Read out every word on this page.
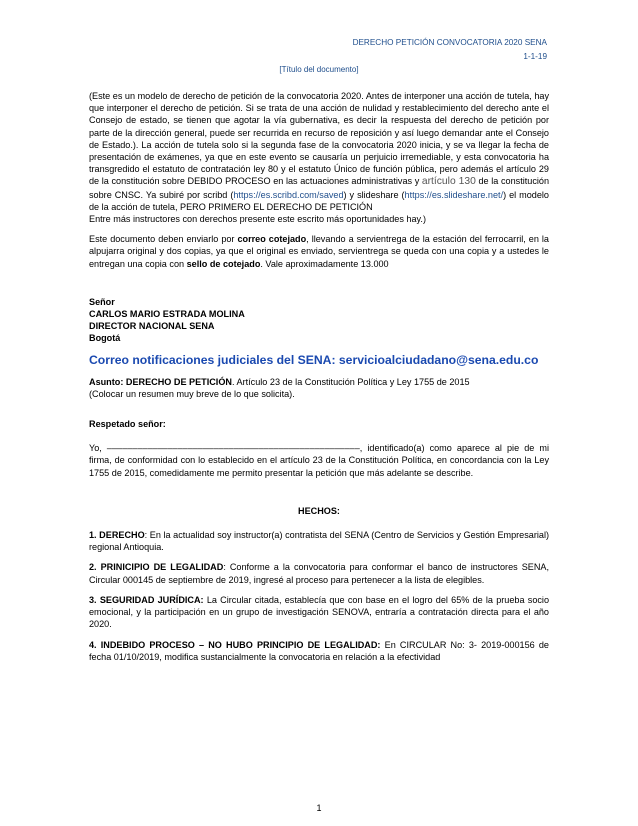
DERECHO PETICIÓN CONVOCATORIA 2020 SENA
1-1-19
[Título del documento]

(Este es un modelo de derecho de petición de la convocatoria 2020. Antes de interponer una acción de tutela, hay que interponer el derecho de petición. Si se trata de una acción de nulidad y restablecimiento del derecho ante el Consejo de estado, se tienen que agotar la vía gubernativa, es decir la respuesta del derecho de petición por parte de la dirección general, puede ser recurrida en recurso de reposición y así luego demandar ante el Consejo de Estado.). La acción de tutela solo si la segunda fase de la convocatoria 2020 inicia, y se va llegar la fecha de presentación de exámenes, ya que en este evento se causaría un perjuicio irremediable, y esta convocatoria ha transgredido el estatuto de contratación ley 80 y el estatuto Único de función pública, pero además el artículo 29 de la constitución sobre DEBIDO PROCESO en las actuaciones administrativas y artículo 130 de la constitución sobre CNSC. Ya subiré por scribd (https://es.scribd.com/saved) y slideshare (https://es.slideshare.net/) el modelo de la acción de tutela, PERO PRIMERO EL DERECHO DE PETICIÓN
Entre más instructores con derechos presente este escrito más oportunidades hay.)

Este documento deben enviarlo por correo cotejado, llevando a servientrega de la estación del ferrocarril, en la alpujarra original y dos copias, ya que el original es enviado, servientrega se queda con una copia y a ustedes le entregan una copia con sello de cotejado. Vale aproximadamente 13.000

Señor
CARLOS MARIO ESTRADA MOLINA
DIRECTOR NACIONAL SENA
Bogotá

Correo notificaciones judiciales del SENA: servicioalciudadano@sena.edu.co

Asunto: DERECHO DE PETICIÓN. Artículo 23 de la Constitución Política y Ley 1755 de 2015
(Colocar un resumen muy breve de lo que solicita).

Respetado señor:

Yo, ––––––––––––––––––––––––––––––––––––––––––––––––––, identificado(a) como aparece al pie de mi firma, de conformidad con lo establecido en el artículo 23 de la Constitución Política, en concordancia con la Ley 1755 de 2015, comedidamente me permito presentar la petición que más adelante se describe.

HECHOS:

1. DERECHO: En la actualidad soy instructor(a) contratista del SENA (Centro de Servicios y Gestión Empresarial) regional Antioquia.

2. PRINICIPIO DE LEGALIDAD: Conforme a la convocatoria para conformar el banco de instructores SENA, Circular 000145 de septiembre de 2019, ingresé al proceso para pertenecer a la lista de elegibles.

3. SEGURIDAD JURÍDICA: La Circular citada, establecía que con base en el logro del 65% de la prueba socio emocional, y la participación en un grupo de investigación SENOVA, entraría a contratación directa para el año 2020.

4. INDEBIDO PROCESO – NO HUBO PRINCIPIO DE LEGALIDAD: En CIRCULAR No: 3- 2019-000156 de fecha 01/10/2019, modifica sustancialmente la convocatoria en relación a la efectividad

1
